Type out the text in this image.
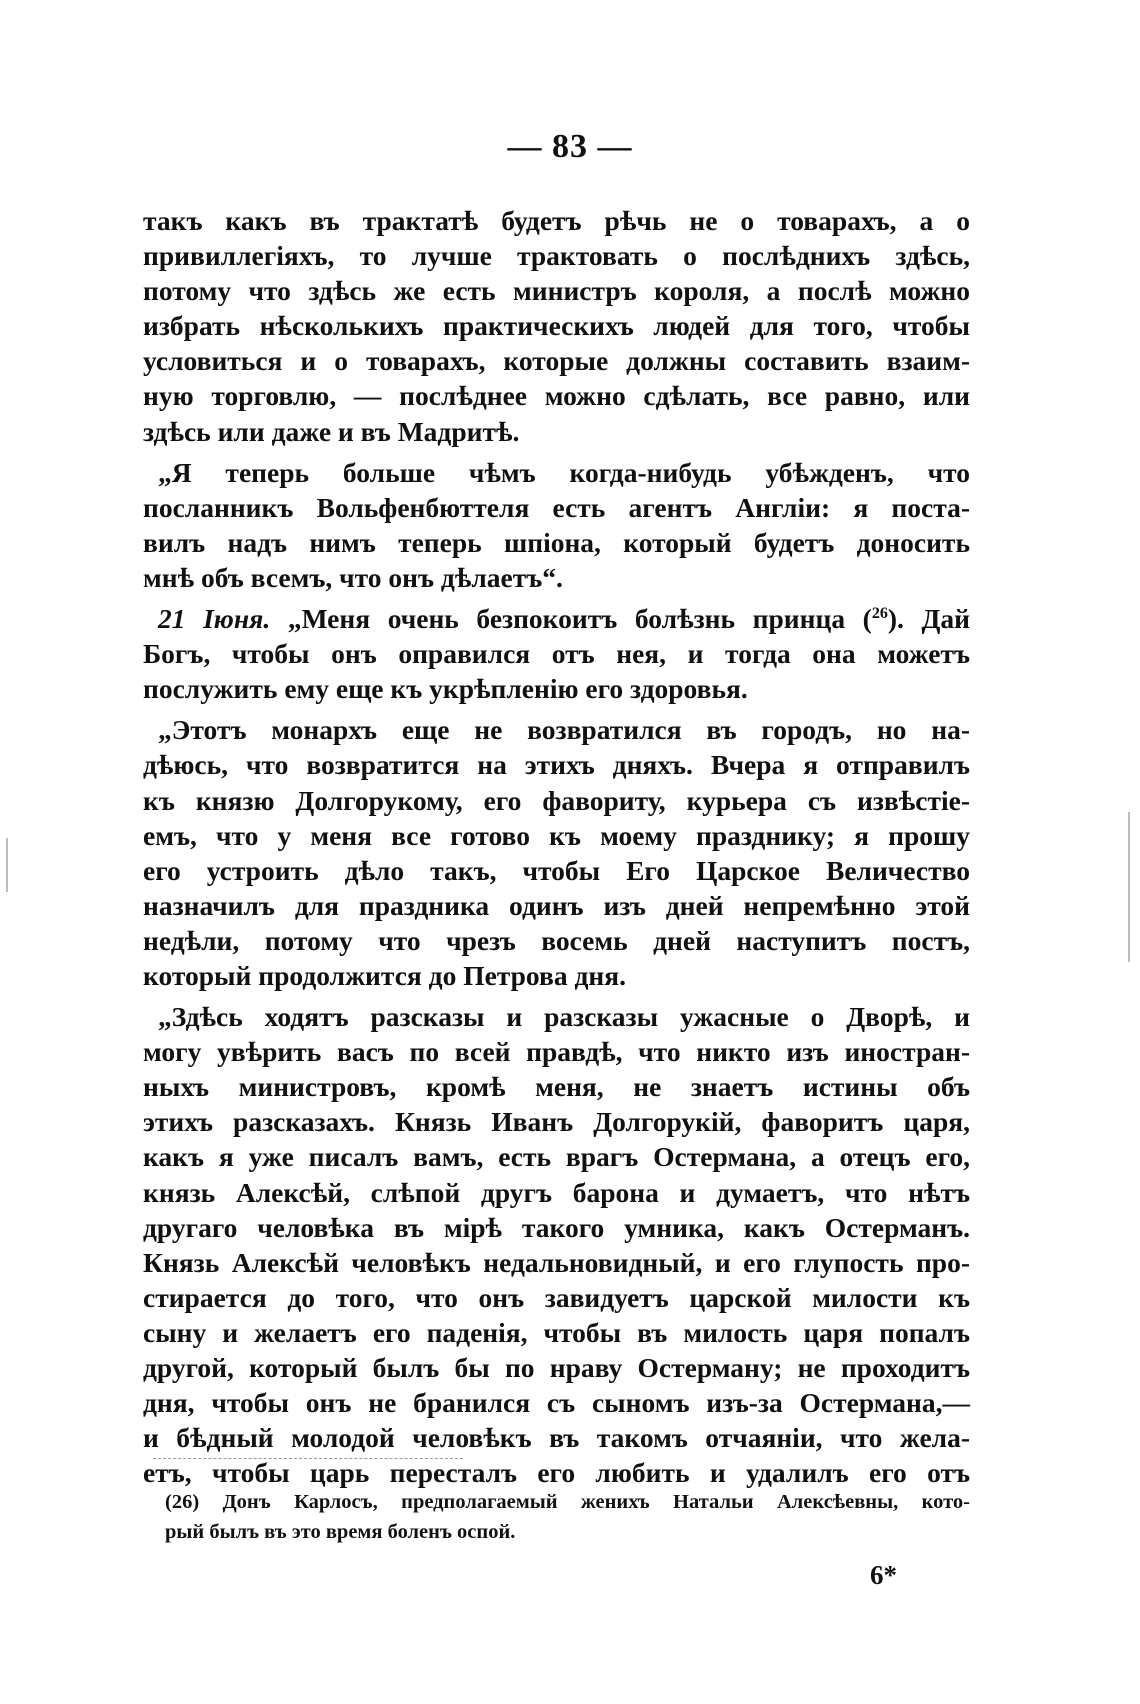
— 83 —
такъ какъ въ трактатѣ будетъ рѣчь не о товарахъ, а о
привиллегіяхъ, то лучше трактовать о послѣднихъ здѣсь,
потому что здѣсь же есть министръ короля, а послѣ можно
избрать нѣсколькихъ практическихъ людей для того, чтобы
условиться и о товарахъ, которые должны составить взаим-
ную торговлю, — послѣднее можно сдѣлать, все равно, или
здѣсь или даже и въ Мадритѣ.
„Я теперь больше чѣмъ когда-нибудь убѣжденъ, что
посланникъ Вольфенбюттеля есть агентъ Англіи: я поста-
вилъ надъ нимъ теперь шпіона, который будетъ доносить
мнѣ объ всемъ, что онъ дѣлаетъ“.
21 Іюня. „Меня очень безпокоитъ болѣзнь принца ($^{26}$). Дай
Богъ, чтобы онъ оправился отъ нея, и тогда она можетъ
послужить ему еще къ укрѣпленію его здоровья.
„Этотъ монархъ еще не возвратился въ городъ, но на-
дѣюсь, что возвратится на этихъ дняхъ. Вчера я отправилъ
къ князю Долгорукому, его фавориту, курьера съ извѣстіе-
емъ, что у меня все готово къ моему празднику; я прошу
его устроить дѣло такъ, чтобы Его Царское Величество
назначилъ для праздника одинъ изъ дней непремѣнно этой
недѣли, потому что чрезъ восемь дней наступитъ постъ,
который продолжится до Петрова дня.
„Здѣсь ходятъ разсказы и разсказы ужасные о Дворѣ, и
могу увѣрить васъ по всей правдѣ, что никто изъ иностран-
ныхъ министровъ, кромѣ меня, не знаетъ истины объ
этихъ разсказахъ. Князь Иванъ Долгорукій, фаворитъ царя,
какъ я уже писалъ вамъ, есть врагъ Остермана, а отецъ его,
князь Алексѣй, слѣпой другъ барона и думаетъ, что нѣтъ
другаго человѣка въ мірѣ такого умника, какъ Остерманъ.
Князь Алексѣй человѣкъ недальновидный, и его глупость про-
стирается до того, что онъ завидуетъ царской милости къ
сыну и желаетъ его паденія, чтобы въ милость царя попалъ
другой, который былъ бы по нраву Остерману; не проходитъ
дня, чтобы онъ не бранился съ сыномъ изъ-за Остермана,—
и бѣдный молодой человѣкъ въ такомъ отчаяніи, что жела-
етъ, чтобы царь пересталъ его любить и удалилъ его отъ
(26) Донъ Карлосъ, предполагаемый женихъ Натальи Алексѣевны, кото-
рый былъ въ это время боленъ оспой.
6*
